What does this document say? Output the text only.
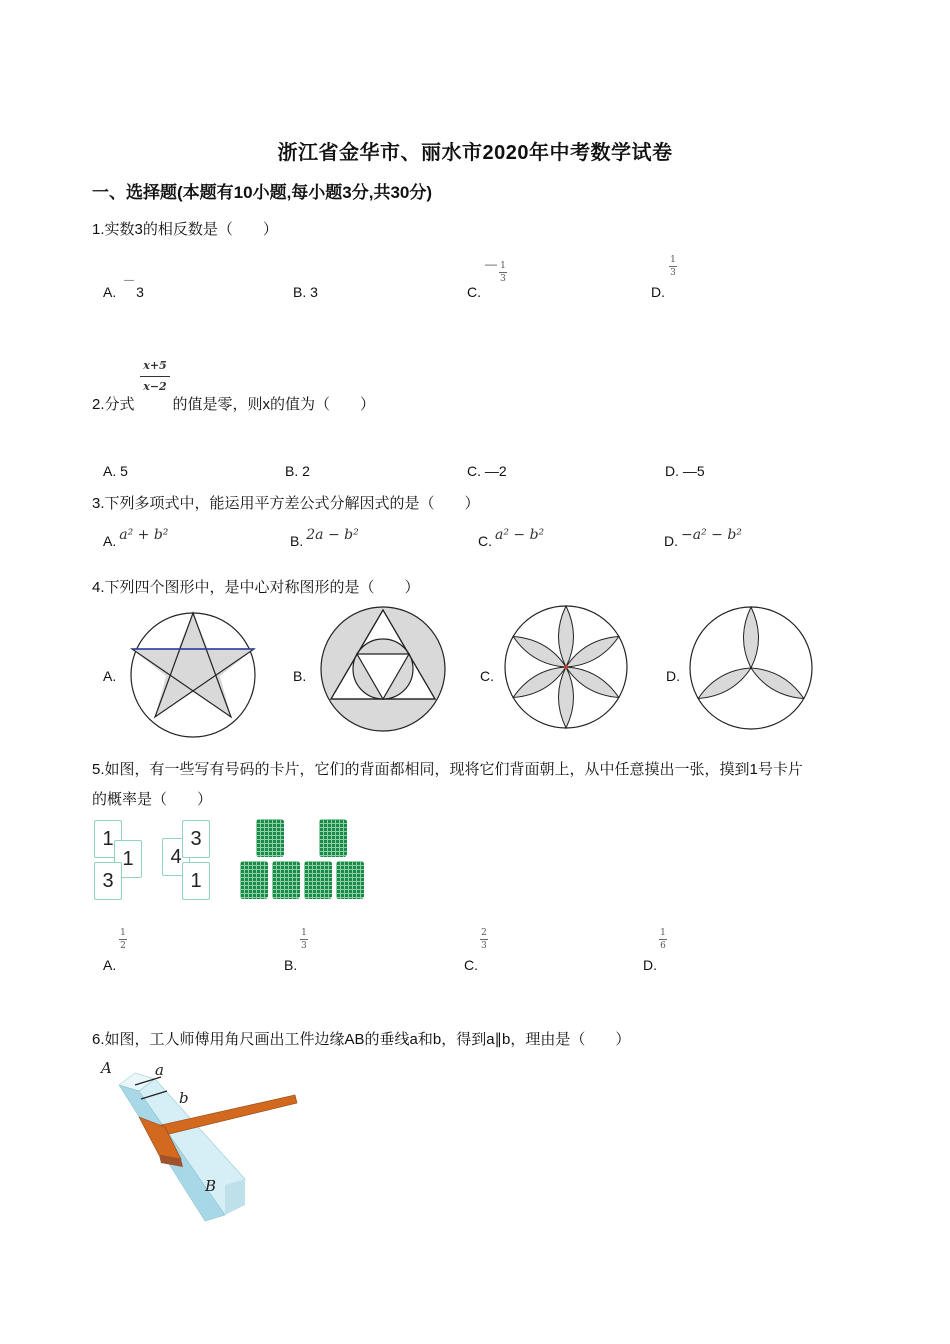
浙江省金华市、丽水市2020年中考数学试卷
一、选择题(本题有10小题,每小题3分,共30分)
1.实数3的相反数是（　　）
A. —3	B. 3	C.
— $\frac{1}{3}$
D.
1
3
x+5
x−2
2.分式	的值是零，则x的值为（　　）
A. 5	B. 2	C. —2	D. —5
3.下列多项式中，能运用平方差公式分解因式的是（　　）
A. a² + b²	B. 2a − b²	C. a² − b²	D. −a² − b²
4.下列四个图形中，是中心对称图形的是（　　）
A.	B.	C.	D.
5.如图，有一些写有号码的卡片，它们的背面都相同，现将它们背面朝上，从中任意摸出一张，摸到1号卡片
的概率是（　　）
1
1
3
4
3
1
A.
1
2
B.
1
3
C.
2
3
D.
1
6
6.如图，工人师傅用角尺画出工件边缘AB的垂线a和b，得到a∥b，理由是（　　）
A	a
b
B
